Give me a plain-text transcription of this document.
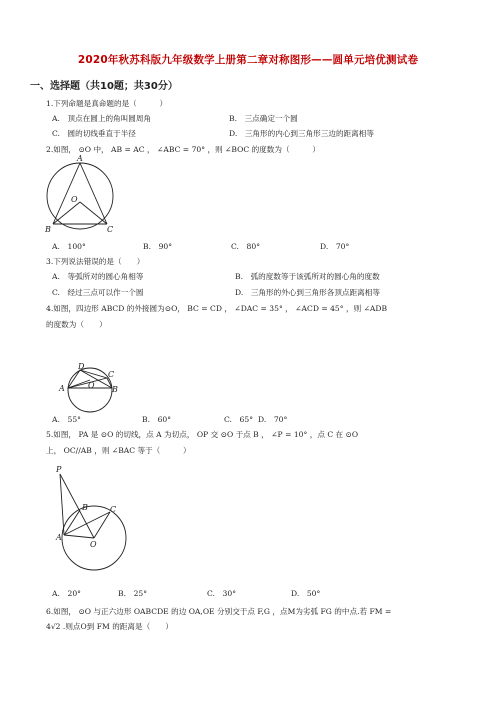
2020年秋苏科版九年级数学上册第二章对称图形——圆单元培优测试卷
一、选择题（共10题；共30分）
1.下列命题是真命题的是（　　　）
A.　顶点在圆上的角叫圆周角	B.　三点确定一个圆
C.　圆的切线垂直于半径	D.　三角形的内心到三角形三边的距离相等
2.如图， ⊙O 中， AB = AC ， ∠ABC = 70° ，则 ∠BOC 的度数为（　　　）
A
O
B	C
A.　100°	B.　90°	C.　80°	D.　70°
3.下列说法错误的是（　　）
A.　等弧所对的圆心角相等	B.　弧的度数等于该弧所对的圆心角的度数
C.　经过三点可以作一个圆	D.　三角形的外心到三角形各顶点距离相等
4.如图，四边形 ABCD 的外接圆为⊙O， BC = CD ， ∠DAC = 35° ， ∠ACD = 45° ，则 ∠ADB
的度数为（　　）
D
C
A	B
O
A.　55°	B.　60°	C.　65° D.　70°
5.如图， PA 是 ⊙O 的切线，点 A 为切点， OP 交 ⊙O 于点 B ， ∠P = 10° ，点 C 在 ⊙O
上， OC//AB ，则 ∠BAC 等于（　　　）
P
B	C
A
O
A.　20°	B.　25°	C.　30°	D.　50°
6.如图， ⊙O 与正六边形 OABCDE 的边 OA,OE 分别交于点 F,G ，点M为劣弧 FG 的中点.若 FM =
4√2 .则点O到 FM 的距离是（　　）
